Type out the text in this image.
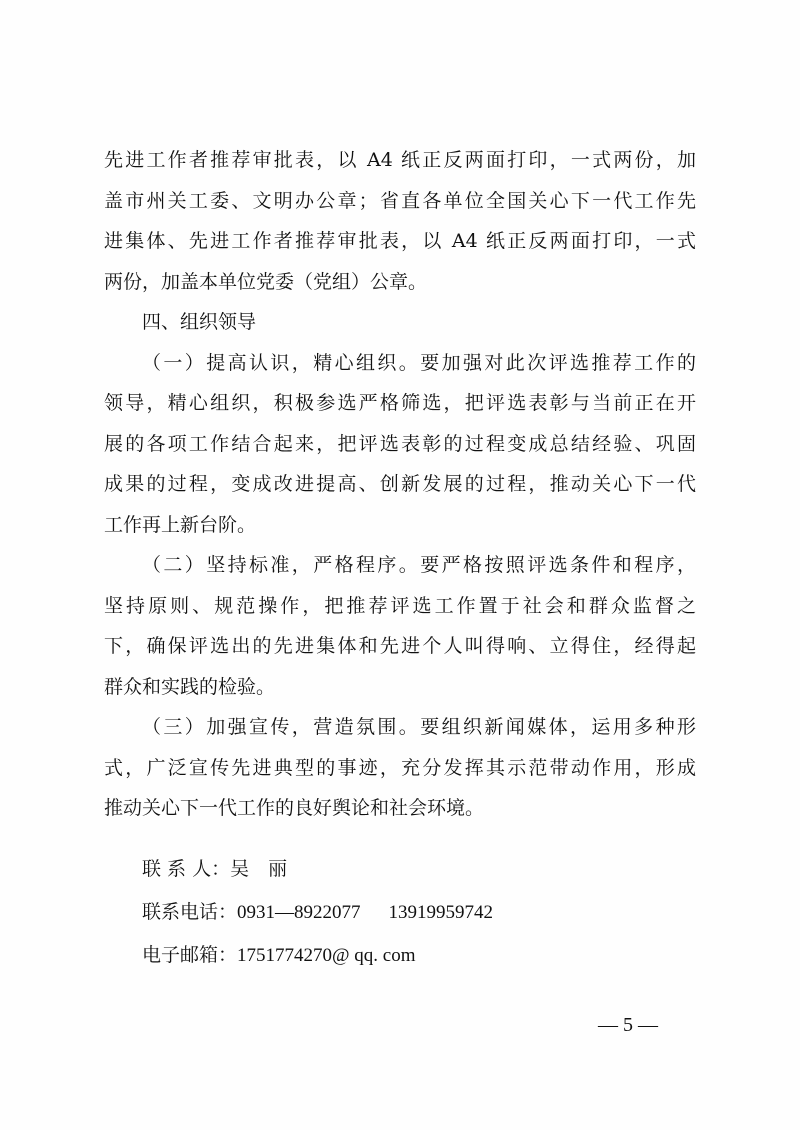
先进工作者推荐审批表，以 A4 纸正反两面打印，一式两份，加
盖市州关工委、文明办公章；省直各单位全国关心下一代工作先
进集体、先进工作者推荐审批表，以 A4 纸正反两面打印，一式
两份，加盖本单位党委（党组）公章。
四、组织领导
（一）提高认识，精心组织。要加强对此次评选推荐工作的
领导，精心组织，积极参选严格筛选，把评选表彰与当前正在开
展的各项工作结合起来，把评选表彰的过程变成总结经验、巩固
成果的过程，变成改进提高、创新发展的过程，推动关心下一代
工作再上新台阶。
（二）坚持标准，严格程序。要严格按照评选条件和程序，
坚持原则、规范操作，把推荐评选工作置于社会和群众监督之
下，确保评选出的先进集体和先进个人叫得响、立得住，经得起
群众和实践的检验。
（三）加强宣传，营造氛围。要组织新闻媒体，运用多种形
式，广泛宣传先进典型的事迹，充分发挥其示范带动作用，形成
推动关心下一代工作的良好舆论和社会环境。
联 系 人：吴　丽
联系电话：0931—8922077 13919959742
电子邮箱：1751774270@ qq. com
— 5 —
